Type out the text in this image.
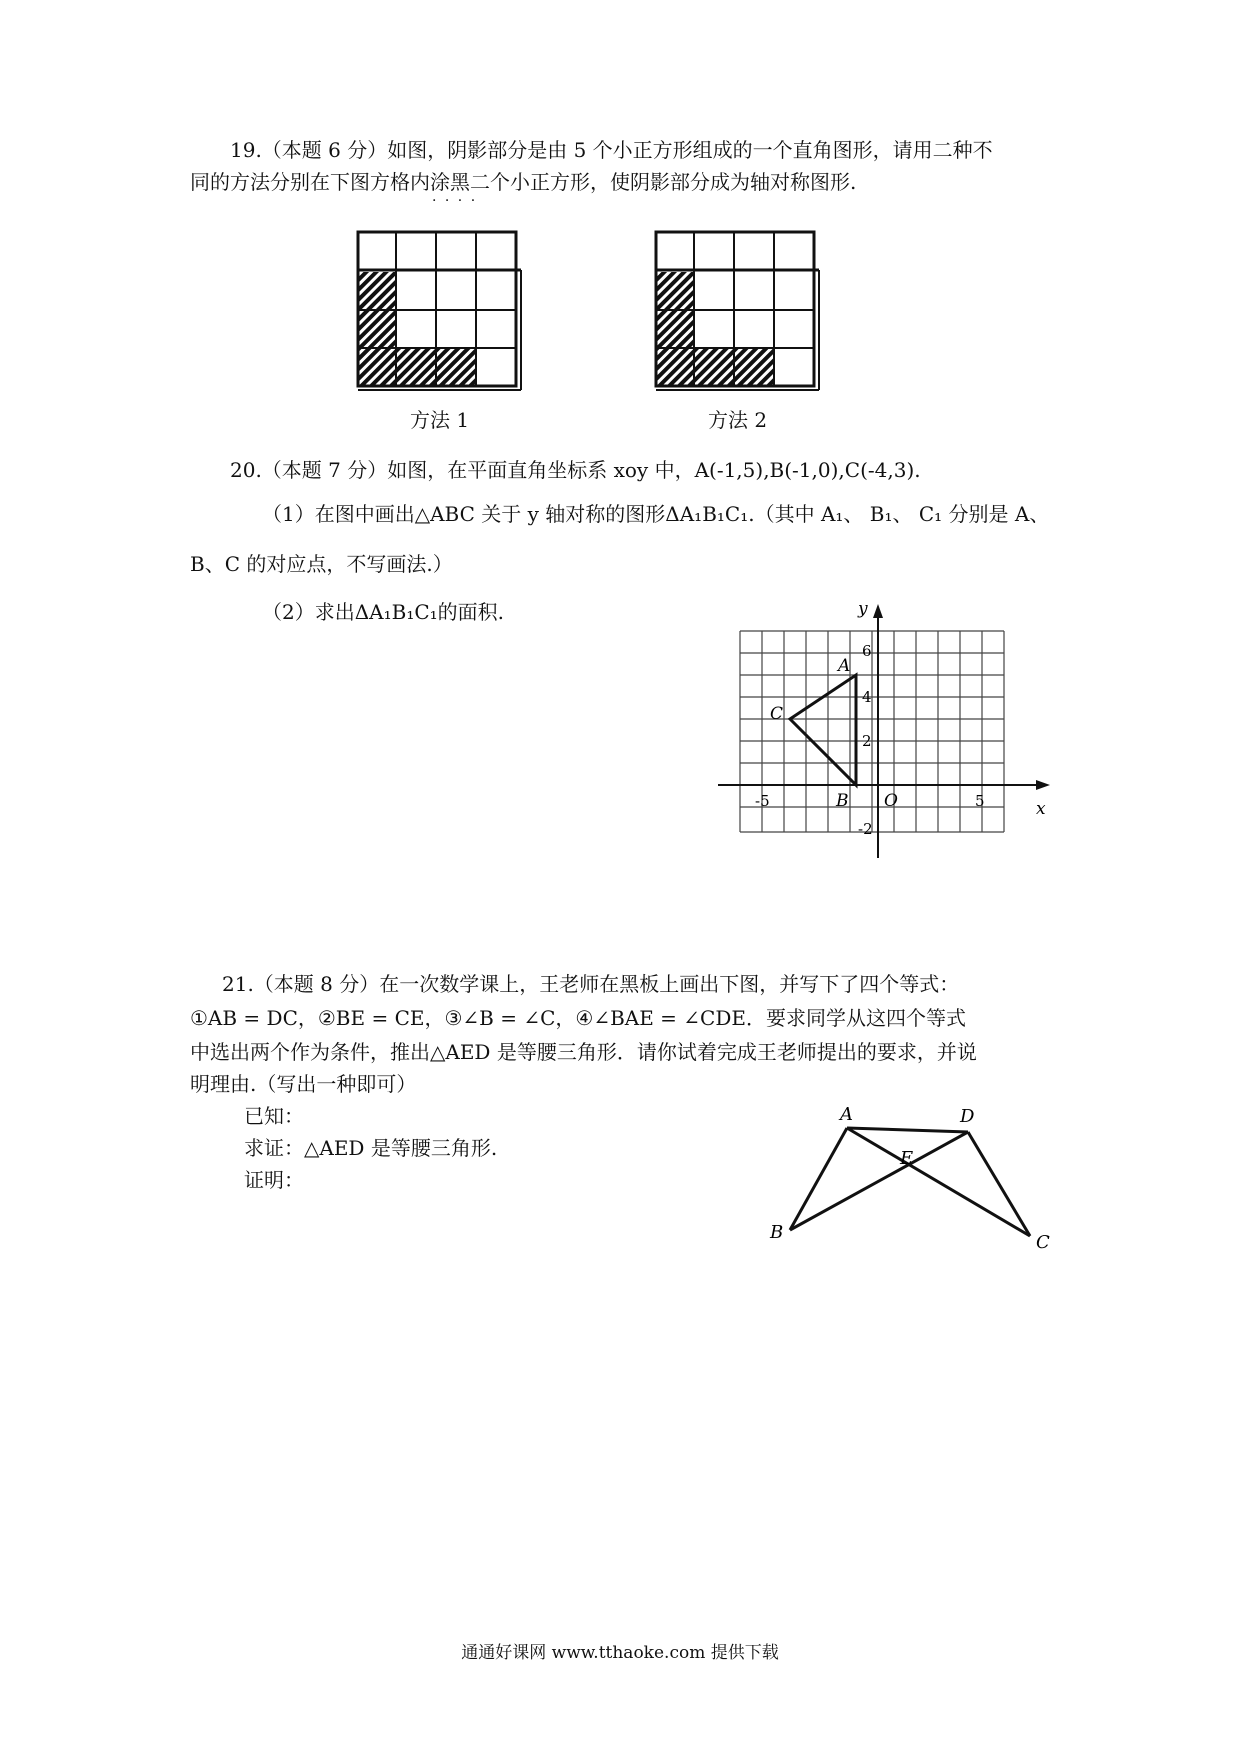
19.（本题 6 分）如图，阴影部分是由 5 个小正方形组成的一个直角图形，请用二种不
同的方法分别在下图方格内涂黑二个 · · · ·小正方形，使阴影部分成为轴对称图形.
方法 1	方法 2
20.（本题 7 分）如图，在平面直角坐标系 xoy 中，A(-1,5),B(-1,0),C(-4,3).
（1）在图中画出△ABC 关于 y 轴对称的图形ΔA₁B₁C₁.（其中 A₁、 B₁、 C₁ 分别是 A、
B、C 的对应点，不写画法.）
（2）求出ΔA₁B₁C₁的面积.	y
x
O
6
4
2
-2
-5	5
A
B
C
21.（本题 8 分）在一次数学课上，王老师在黑板上画出下图，并写下了四个等式：
①AB = DC，②BE = CE，③∠B = ∠C，④∠BAE = ∠CDE．要求同学从这四个等式
中选出两个作为条件，推出△AED 是等腰三角形．请你试着完成王老师提出的要求，并说
明理由.（写出一种即可）
已知：
求证：△AED 是等腰三角形.
证明：
A	D
E
B	C
通通好课网 www.tthaoke.com 提供下载
